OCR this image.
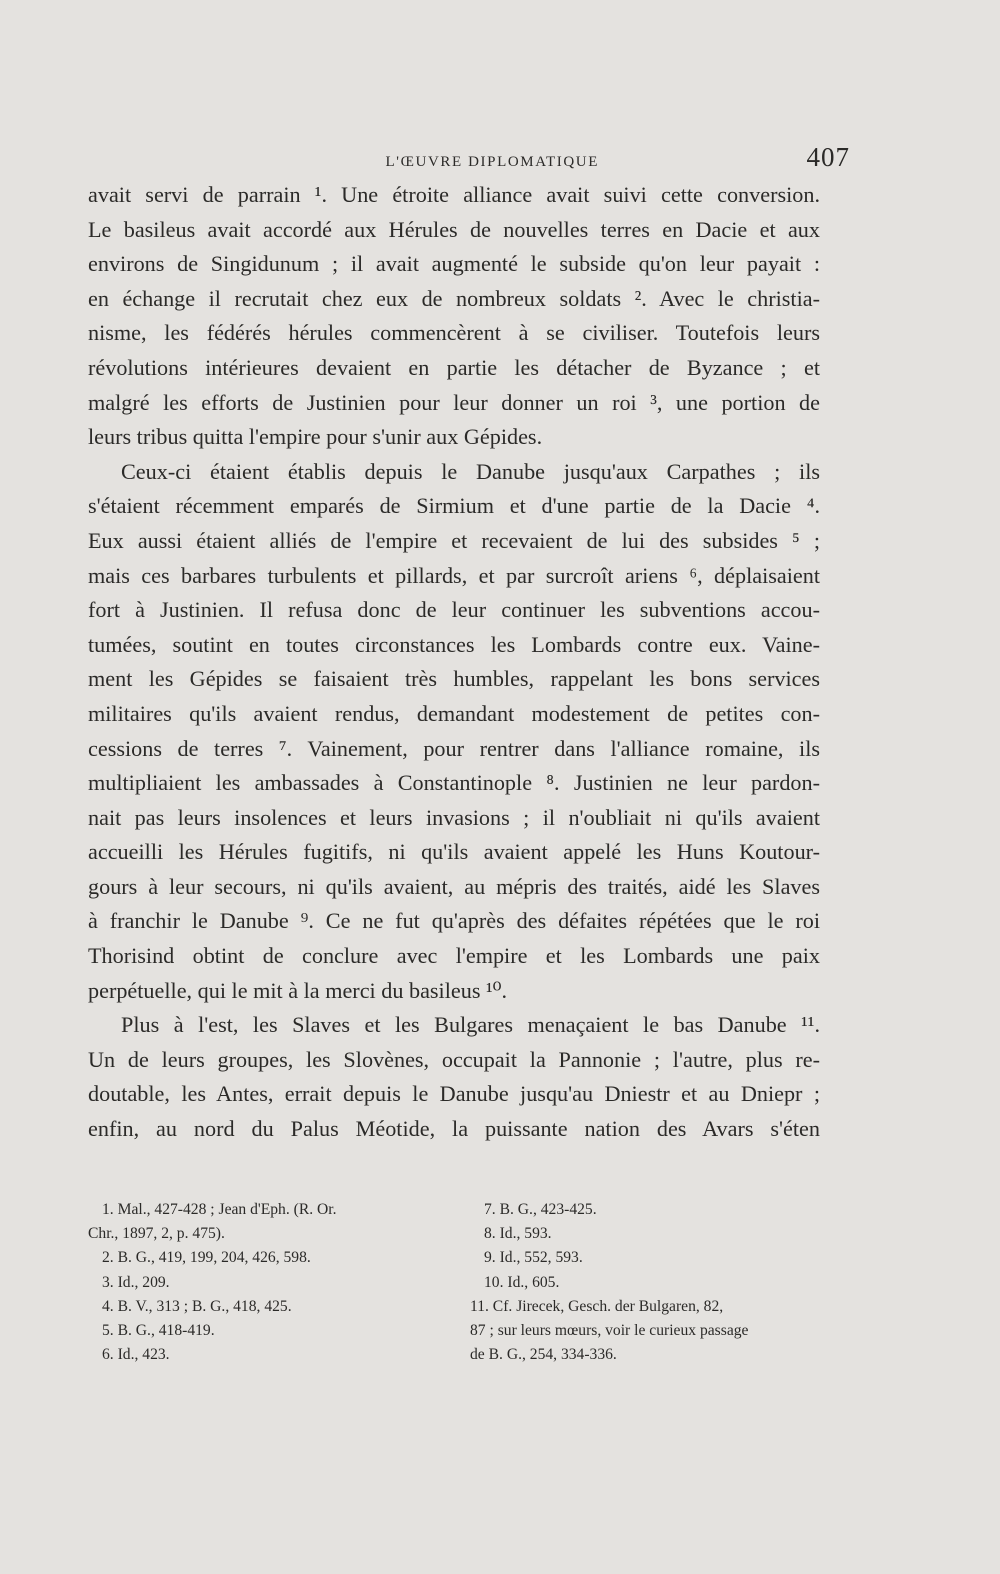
L'ŒUVRE DIPLOMATIQUE	407
avait servi de parrain ¹. Une étroite alliance avait suivi cette conversion.
Le basileus avait accordé aux Hérules de nouvelles terres en Dacie et aux
environs de Singidunum ; il avait augmenté le subside qu'on leur payait :
en échange il recrutait chez eux de nombreux soldats ². Avec le christia-
nisme, les fédérés hérules commencèrent à se civiliser. Toutefois leurs
révolutions intérieures devaient en partie les détacher de Byzance ; et
malgré les efforts de Justinien pour leur donner un roi ³, une portion de
leurs tribus quitta l'empire pour s'unir aux Gépides.
Ceux-ci étaient établis depuis le Danube jusqu'aux Carpathes ; ils
s'étaient récemment emparés de Sirmium et d'une partie de la Dacie ⁴.
Eux aussi étaient alliés de l'empire et recevaient de lui des subsides ⁵ ;
mais ces barbares turbulents et pillards, et par surcroît ariens ⁶, déplaisaient
fort à Justinien. Il refusa donc de leur continuer les subventions accou-
tumées, soutint en toutes circonstances les Lombards contre eux. Vaine-
ment les Gépides se faisaient très humbles, rappelant les bons services
militaires qu'ils avaient rendus, demandant modestement de petites con-
cessions de terres ⁷. Vainement, pour rentrer dans l'alliance romaine, ils
multipliaient les ambassades à Constantinople ⁸. Justinien ne leur pardon-
nait pas leurs insolences et leurs invasions ; il n'oubliait ni qu'ils avaient
accueilli les Hérules fugitifs, ni qu'ils avaient appelé les Huns Koutour-
gours à leur secours, ni qu'ils avaient, au mépris des traités, aidé les Slaves
à franchir le Danube ⁹. Ce ne fut qu'après des défaites répétées que le roi
Thorisind obtint de conclure avec l'empire et les Lombards une paix
perpétuelle, qui le mit à la merci du basileus ¹⁰.
Plus à l'est, les Slaves et les Bulgares menaçaient le bas Danube ¹¹.
Un de leurs groupes, les Slovènes, occupait la Pannonie ; l'autre, plus re-
doutable, les Antes, errait depuis le Danube jusqu'au Dniestr et au Dniepr ;
enfin, au nord du Palus Méotide, la puissante nation des Avars s'éten
1. Mal., 427-428 ; Jean d'Eph. (R. Or.
Chr., 1897, 2, p. 475).
2. B. G., 419, 199, 204, 426, 598.
3. Id., 209.
4. B. V., 313 ; B. G., 418, 425.
5. B. G., 418-419.
6. Id., 423.
7. B. G., 423-425.
8. Id., 593.
9. Id., 552, 593.
10. Id., 605.
11. Cf. Jirecek, Gesch. der Bulgaren, 82,
87 ; sur leurs mœurs, voir le curieux passage
de B. G., 254, 334-336.
